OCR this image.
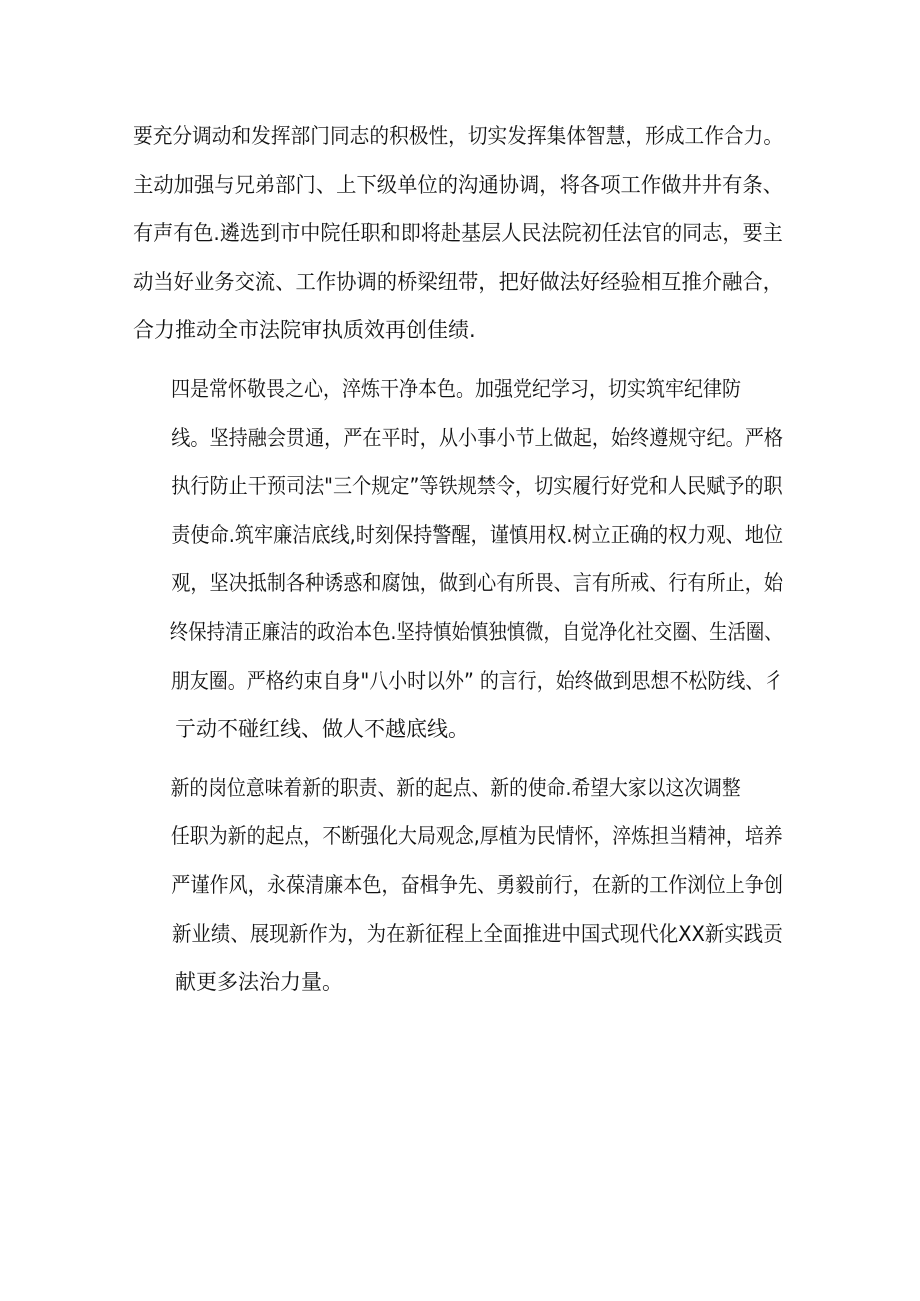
要充分调动和发挥部门同志的积极性，切实发挥集体智慧，形成工作合力。
主动加强与兄弟部门、上下级单位的沟通协调，将各项工作做井井有条、
有声有色.遴选到市中院任职和即将赴基层人民法院初任法官的同志，要主
动当好业务交流、工作协调的桥梁纽带，把好做法好经验相互推介融合，
合力推动全市法院审执质效再创佳绩.

四是常怀敬畏之心，淬炼干净本色。加强党纪学习，切实筑牢纪律防
线。坚持融会贯通，严在平时，从小事小节上做起，始终遵规守纪。严格
执行防止干预司法"三个规定”等铁规禁令，切实履行好党和人民赋予的职
责使命.筑牢廉洁底线,时刻保持警醒，谨慎用权.树立正确的权力观、地位
观，坚决抵制各种诱惑和腐蚀，做到心有所畏、言有所戒、行有所止，始
终保持清正廉洁的政治本色.坚持慎始慎独慎微，自觉净化社交圈、生活圈、
朋友圈。严格约束自身"八小时以外” 的言行，始终做到思想不松防线、彳
亍动不碰红线、做人不越底线。

新的岗位意味着新的职责、新的起点、新的使命.希望大家以这次调整
任职为新的起点，不断强化大局观念,厚植为民情怀，淬炼担当精神，培养
严谨作风，永葆清廉本色，奋楫争先、勇毅前行，在新的工作浏位上争创
新业绩、展现新作为，为在新征程上全面推进中国式现代化XX新实践贡
献更多法治力量。
